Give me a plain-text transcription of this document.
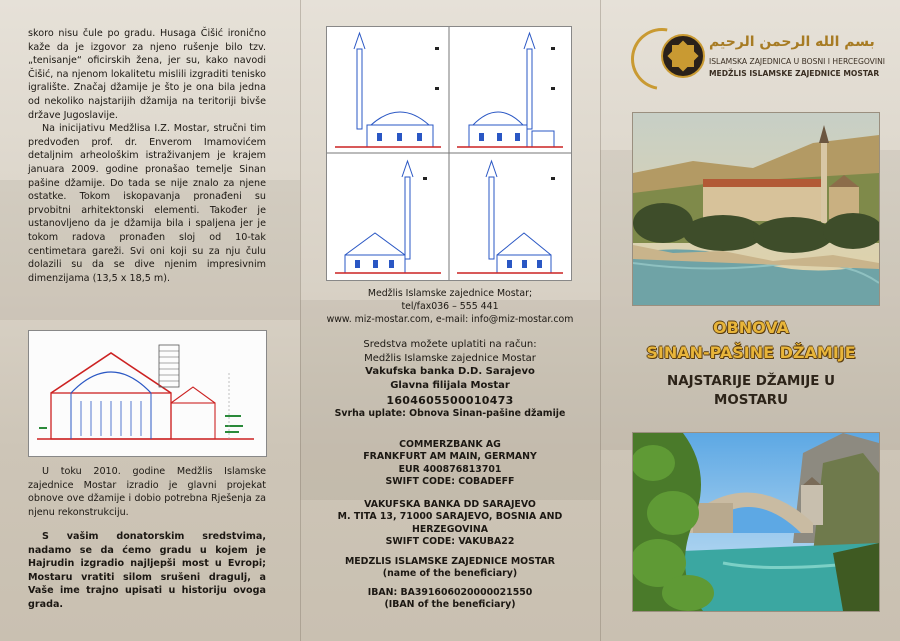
skoro nisu čule po gradu. Husaga Čišić ironično kaže da je izgovor za njeno rušenje bilo tzv. „tenisanje“ oficirskih žena, jer su, kako navodi Čišić, na njenom lokalitetu mislili izgraditi tenisko igralište. Značaj džamije je što je ona bila jedna od nekoliko najstarijih džamija na teritoriji bivše države Jugoslavije.

Na inicijativu Medžlisa I.Z. Mostar, stručni tim predvođen prof. dr. Enverom Imamovićem detaljnim arheološkim istraživanjem je krajem januara 2009. godine pronašao temelje Sinan pašine džamije. Do tada se nije znalo za njene ostatke. Tokom iskopavanja pronađeni su prvobitni arhitektonski elementi. Također je ustanovljeno da je džamija bila i spaljena jer je tokom radova pronađen sloj od 10-tak centimetara gareži. Svi oni koji su za nju čulu dolazili su da se dive njenim impresivnim dimenzijama (13,5 x 18,5 m).

U toku 2010. godine Medžlis Islamske zajednice Mostar izradio je glavni projekat obnove ove džamije i dobio potrebna Rješenja za njenu rekonstrukciju.

S vašim donatorskim sredstvima, nadamo se da ćemo gradu u kojem je Hajrudin izgradio najljepši most u Evropi; Mostaru vratiti silom srušeni dragulj, a Vaše ime trajno upisati u historiju ovoga grada.

Medžlis Islamske zajednice Mostar;
tel/fax036 – 555 441
www. miz-mostar.com, e-mail: info@miz-mostar.com
Sredstva možete uplatiti na račun:
Medžlis Islamske zajednice Mostar
Vakufska banka D.D. Sarajevo
Glavna filijala Mostar
1604605500010473
Svrha uplate: Obnova Sinan-pašine džamije
COMMERZBANK AG
FRANKFURT AM MAIN, GERMANY
EUR 400876813701
SWIFT CODE: COBADEFF
VAKUFSKA BANKA DD SARAJEVO
M. TITA 13, 71000 SARAJEVO, BOSNIA AND
HERZEGOVINA
SWIFT CODE: VAKUBA22
MEDZLIS ISLAMSKE ZAJEDNICE MOSTAR
(name of the beneficiary)
IBAN: BA391606020000021550
(IBAN of the beneficiary)
بسم الله الرحمن الرحيم
ISLAMSKA ZAJEDNICA U BOSNI I HERCEGOVINI
MEDŽLIS ISLAMSKE ZAJEDNICE MOSTAR
OBNOVA
SINAN-PAŠINE DŽAMIJE
NAJSTARIJE DŽAMIJE U
MOSTARU
